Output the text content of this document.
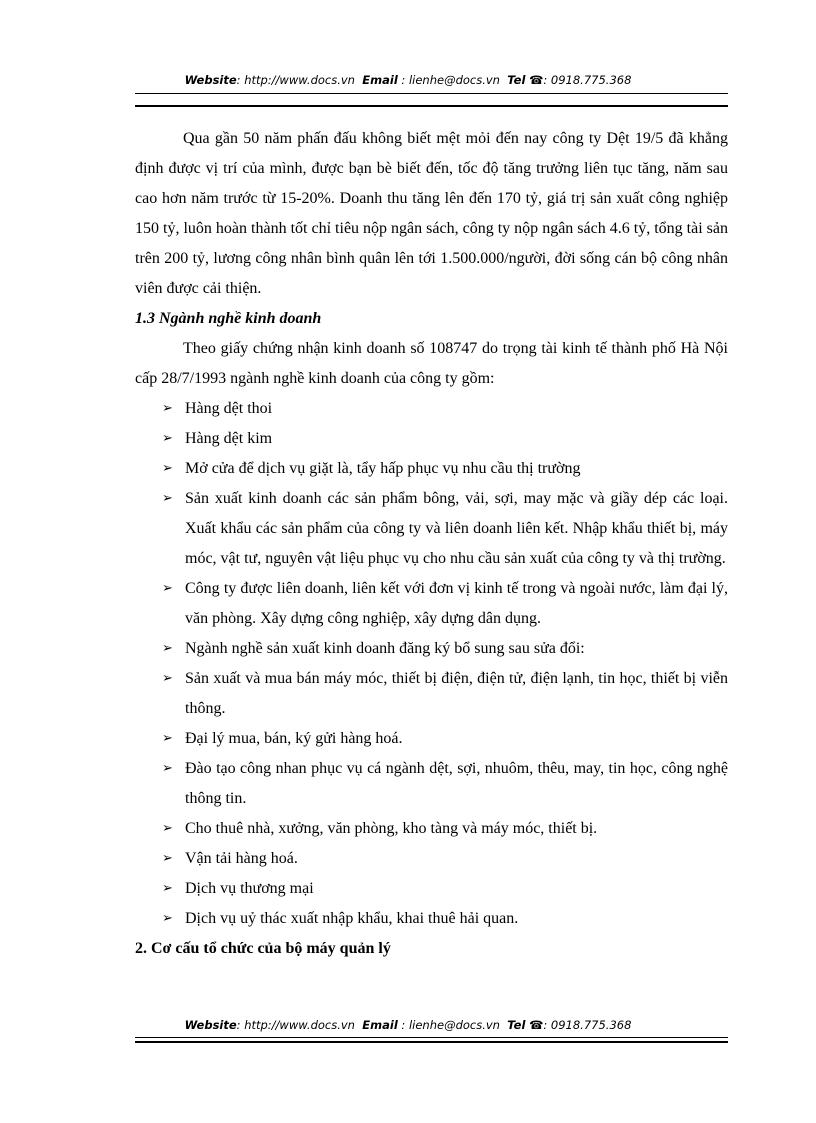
Website: http://www.docs.vn Email : lienhe@docs.vn Tel ☎: 0918.775.368

Qua gần 50 năm phấn đấu không biết mệt mỏi đến nay công ty Dệt 19/5 đã khẳng định được vị trí của mình, được bạn bè biết đến, tốc độ tăng trưởng liên tục tăng, năm sau cao hơn năm trước từ 15-20%. Doanh thu tăng lên đến 170 tỷ, giá trị sản xuất công nghiệp 150 tỷ, luôn hoàn thành tốt chỉ tiêu nộp ngân sách, công ty nộp ngân sách 4.6 tỷ, tổng tài sản trên 200 tỷ, lương công nhân bình quân lên tới 1.500.000/người, đời sống cán bộ công nhân viên được cải thiện.

1.3 Ngành nghề kinh doanh

Theo giấy chứng nhận kinh doanh số 108747 do trọng tài kinh tế thành phố Hà Nội cấp 28/7/1993 ngành nghề kinh doanh của công ty gồm:

➢ Hàng dệt thoi
➢ Hàng dệt kim
➢ Mở cửa để dịch vụ giặt là, tẩy hấp phục vụ nhu cầu thị trường
➢ Sản xuất kinh doanh các sản phẩm bông, vải, sợi, may mặc và giầy dép các loại. Xuất khẩu các sản phẩm của công ty và liên doanh liên kết. Nhập khẩu thiết bị, máy móc, vật tư, nguyên vật liệu phục vụ cho nhu cầu sản xuất của công ty và thị trường.
➢ Công ty được liên doanh, liên kết với đơn vị kinh tế trong và ngoài nước, làm đại lý, văn phòng. Xây dựng công nghiệp, xây dựng dân dụng.
➢ Ngành nghề sản xuất kinh doanh đăng ký bổ sung sau sửa đổi:
➢ Sản xuất và mua bán máy móc, thiết bị điện, điện tử, điện lạnh, tin học, thiết bị viễn thông.
➢ Đại lý mua, bán, ký gửi hàng hoá.
➢ Đào tạo công nhan phục vụ cá ngành dệt, sợi, nhuôm, thêu, may, tin học, công nghệ thông tin.
➢ Cho thuê nhà, xưởng, văn phòng, kho tàng và máy móc, thiết bị.
➢ Vận tải hàng hoá.
➢ Dịch vụ thương mại
➢ Dịch vụ uỷ thác xuất nhập khẩu, khai thuê hải quan.

2. Cơ cấu tổ chức của bộ máy quản lý

Website: http://www.docs.vn Email : lienhe@docs.vn Tel ☎: 0918.775.368
